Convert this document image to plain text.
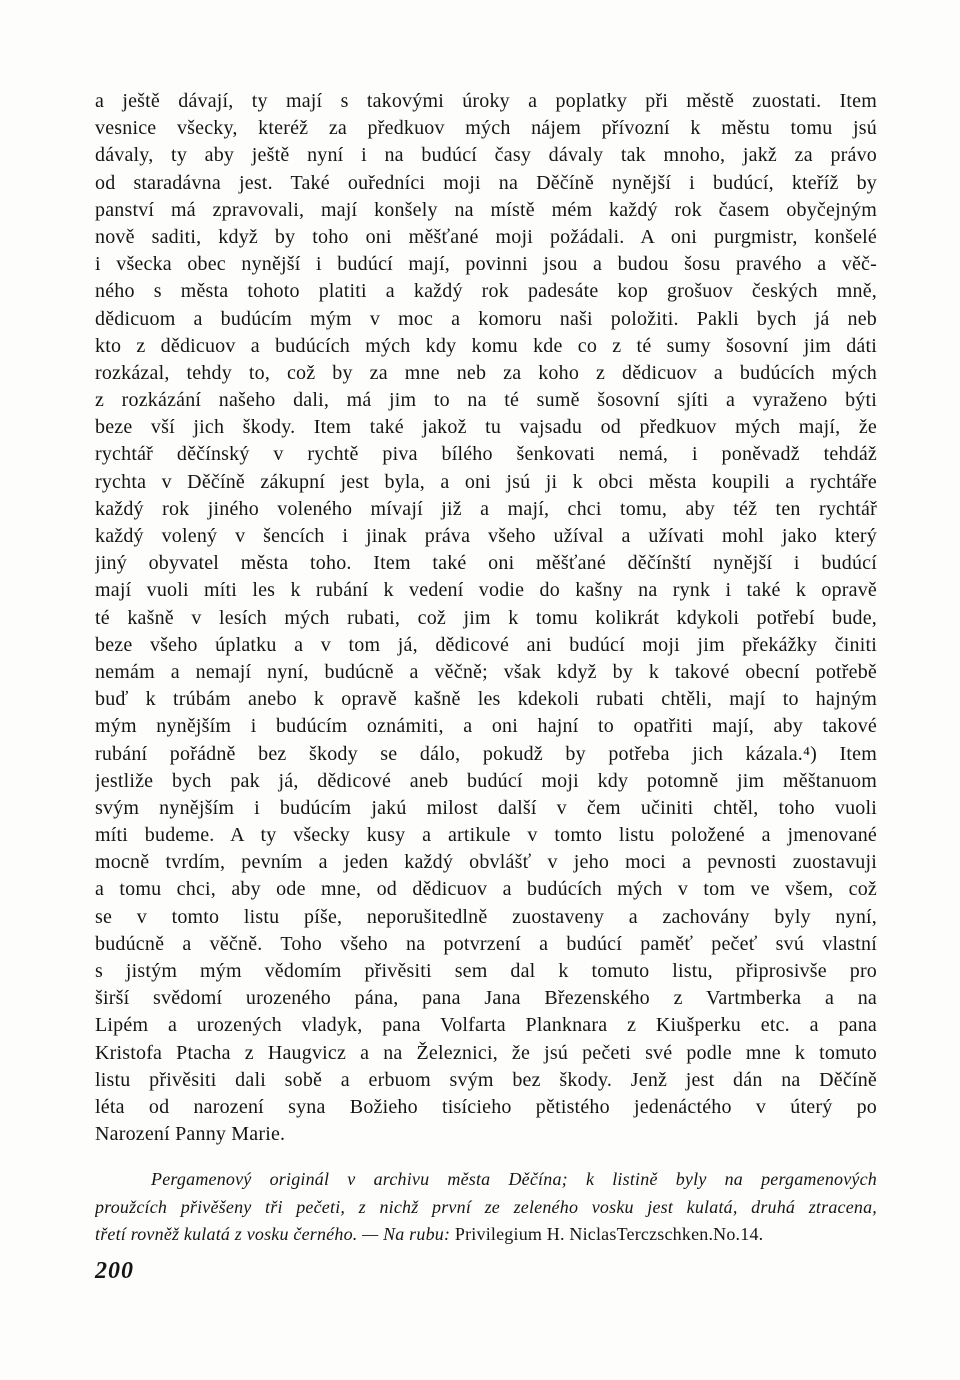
a ještě dávají, ty mají s takovými úroky a poplatky při městě zuostati. Item
vesnice všecky, kteréž za předkuov mých nájem přívozní k městu tomu jsú
dávaly, ty aby ještě nyní i na budúcí časy dávaly tak mnoho, jakž za právo
od staradávna jest. Také ouředníci moji na Děčíně nynější i budúcí, kteříž by
panství má zpravovali, mají konšely na místě mém každý rok časem obyčejným
nově saditi, když by toho oni měšťané moji požádali. A oni purgmistr, konšelé
i všecka obec nynější i budúcí mají, povinni jsou a budou šosu pravého a věč-
ného s města tohoto platiti a každý rok padesáte kop grošuov českých mně,
dědicuom a budúcím mým v moc a komoru naši položiti. Pakli bych já neb
kto z dědicuov a budúcích mých kdy komu kde co z té sumy šosovní jim dáti
rozkázal, tehdy to, což by za mne neb za koho z dědicuov a budúcích mých
z rozkázání našeho dali, má jim to na té sumě šosovní sjíti a vyraženo býti
beze vší jich škody. Item také jakož tu vajsadu od předkuov mých mají, že
rychtář děčínský v rychtě piva bílého šenkovati nemá, i poněvadž tehdáž
rychta v Děčíně zákupní jest byla, a oni jsú ji k obci města koupili a rychtáře
každý rok jiného voleného mívají již a mají, chci tomu, aby též ten rychtář
každý volený v šencích i jinak práva všeho užíval a užívati mohl jako který
jiný obyvatel města toho. Item také oni měšťané děčínští nynější i budúcí
mají vuoli míti les k rubání k vedení vodie do kašny na rynk i také k opravě
té kašně v lesích mých rubati, což jim k tomu kolikrát kdykoli potřebí bude,
beze všeho úplatku a v tom já, dědicové ani budúcí moji jim překážky činiti
nemám a nemají nyní, budúcně a věčně; však když by k takové obecní potřebě
buď k trúbám anebo k opravě kašně les kdekoli rubati chtěli, mají to hajným
mým nynějším i budúcím oznámiti, a oni hajní to opatřiti mají, aby takové
rubání pořádně bez škody se dálo, pokudž by potřeba jich kázala.⁴) Item
jestliže bych pak já, dědicové aneb budúcí moji kdy potomně jim měštanuom
svým nynějším i budúcím jakú milost další v čem učiniti chtěl, toho vuoli
míti budeme. A ty všecky kusy a artikule v tomto listu položené a jmenované
mocně tvrdím, pevním a jeden každý obvlášť v jeho moci a pevnosti zuostavuji
a tomu chci, aby ode mne, od dědicuov a budúcích mých v tom ve všem, což
se v tomto listu píše, neporušitedlně zuostaveny a zachovány byly nyní,
budúcně a věčně. Toho všeho na potvrzení a budúcí paměť pečeť svú vlastní
s jistým mým vědomím přivěsiti sem dal k tomuto listu, připrosivše pro
širší svědomí urozeného pána, pana Jana Březenského z Vartmberka a na
Lipém a urozených vladyk, pana Volfarta Planknara z Kiušperku etc. a pana
Kristofa Ptacha z Haugvicz a na Železnici, že jsú pečeti své podle mne k tomuto
listu přivěsiti dali sobě a erbuom svým bez škody. Jenž jest dán na Děčíně
léta od narození syna Božieho tisícieho pětistého jedenáctého v úterý po
Narození Panny Marie.
Pergamenový originál v archivu města Děčína; k listině byly na pergamenových
proužcích přivěšeny tři pečeti, z nichž první ze zeleného vosku jest kulatá, druhá ztracena,
třetí rovněž kulatá z vosku černého. — Na rubu: Privilegium H. NiclasTerczschken.No.14.
200
